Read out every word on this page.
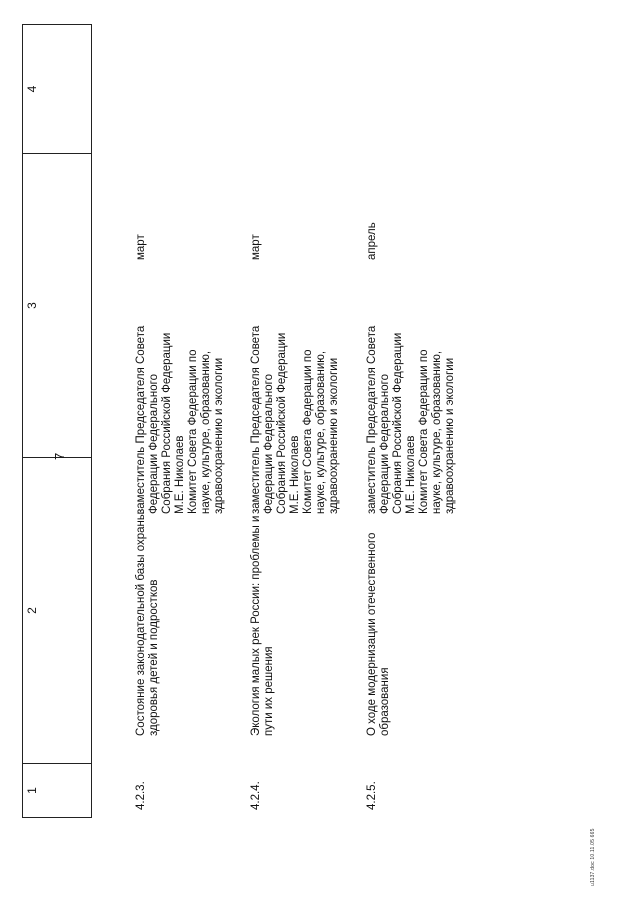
1
2
3
4
7
4.2.3.
Состояние законодательной базы охраны здоровья детей и подростков
заместитель Председателя Совета Федерации Федерального Собрания Российской Федерации М.Е. Николаев Комитет Совета Федерации по науке, культуре, образованию, здравоохранению и экологии
март
4.2.4.
Экология малых рек России: проблемы и пути их решения
заместитель Председателя Совета Федерации Федерального Собрания Российской Федерации М.Е. Николаев Комитет Совета Федерации по науке, культуре, образованию, здравоохранению и экологии
март
4.2.5.
О ходе модернизации отечественного образования
заместитель Председателя Совета Федерации Федерального Собрания Российской Федерации М.Е. Николаев Комитет Совета Федерации по науке, культуре, образованию, здравоохранению и экологии
апрель
u1137.doc 10.11.05 665
